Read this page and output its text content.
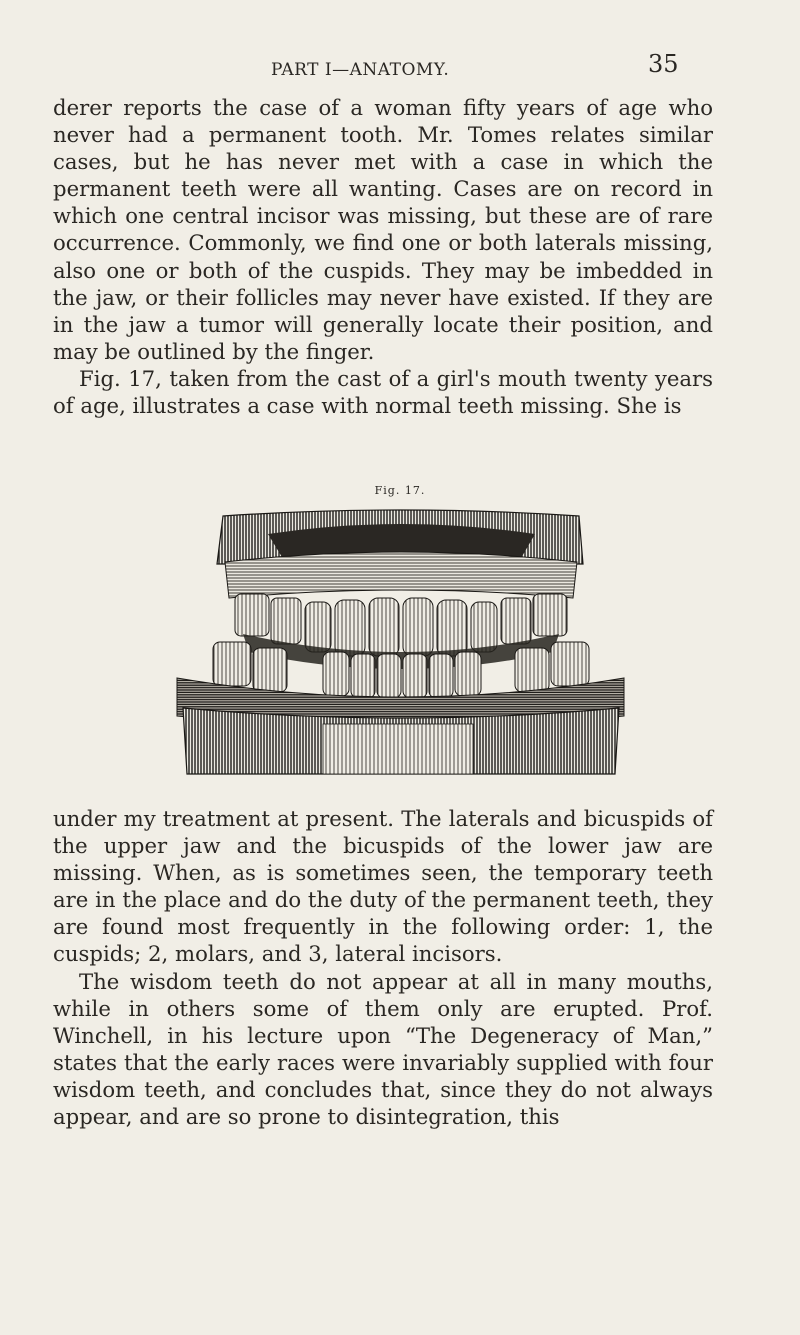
PART I—ANATOMY.	35

derer reports the case of a woman fifty years of age who never had a permanent tooth. Mr. Tomes relates similar cases, but he has never met with a case in which the permanent teeth were all wanting. Cases are on record in which one central incisor was missing, but these are of rare occurrence. Commonly, we find one or both laterals missing, also one or both of the cuspids. They may be imbedded in the jaw, or their follicles may never have existed. If they are in the jaw a tumor will generally locate their position, and may be outlined by the finger.

Fig. 17, taken from the cast of a girl's mouth twenty years of age, illustrates a case with normal teeth missing. She is

Fig. 17.

under my treatment at present. The laterals and bicuspids of the upper jaw and the bicuspids of the lower jaw are missing. When, as is sometimes seen, the temporary teeth are in the place and do the duty of the permanent teeth, they are found most frequently in the following order: 1, the cuspids; 2, molars, and 3, lateral incisors.

The wisdom teeth do not appear at all in many mouths, while in others some of them only are erupted. Prof. Winchell, in his lecture upon “The Degeneracy of Man,” states that the early races were invariably supplied with four wisdom teeth, and concludes that, since they do not always appear, and are so prone to disintegration, this
